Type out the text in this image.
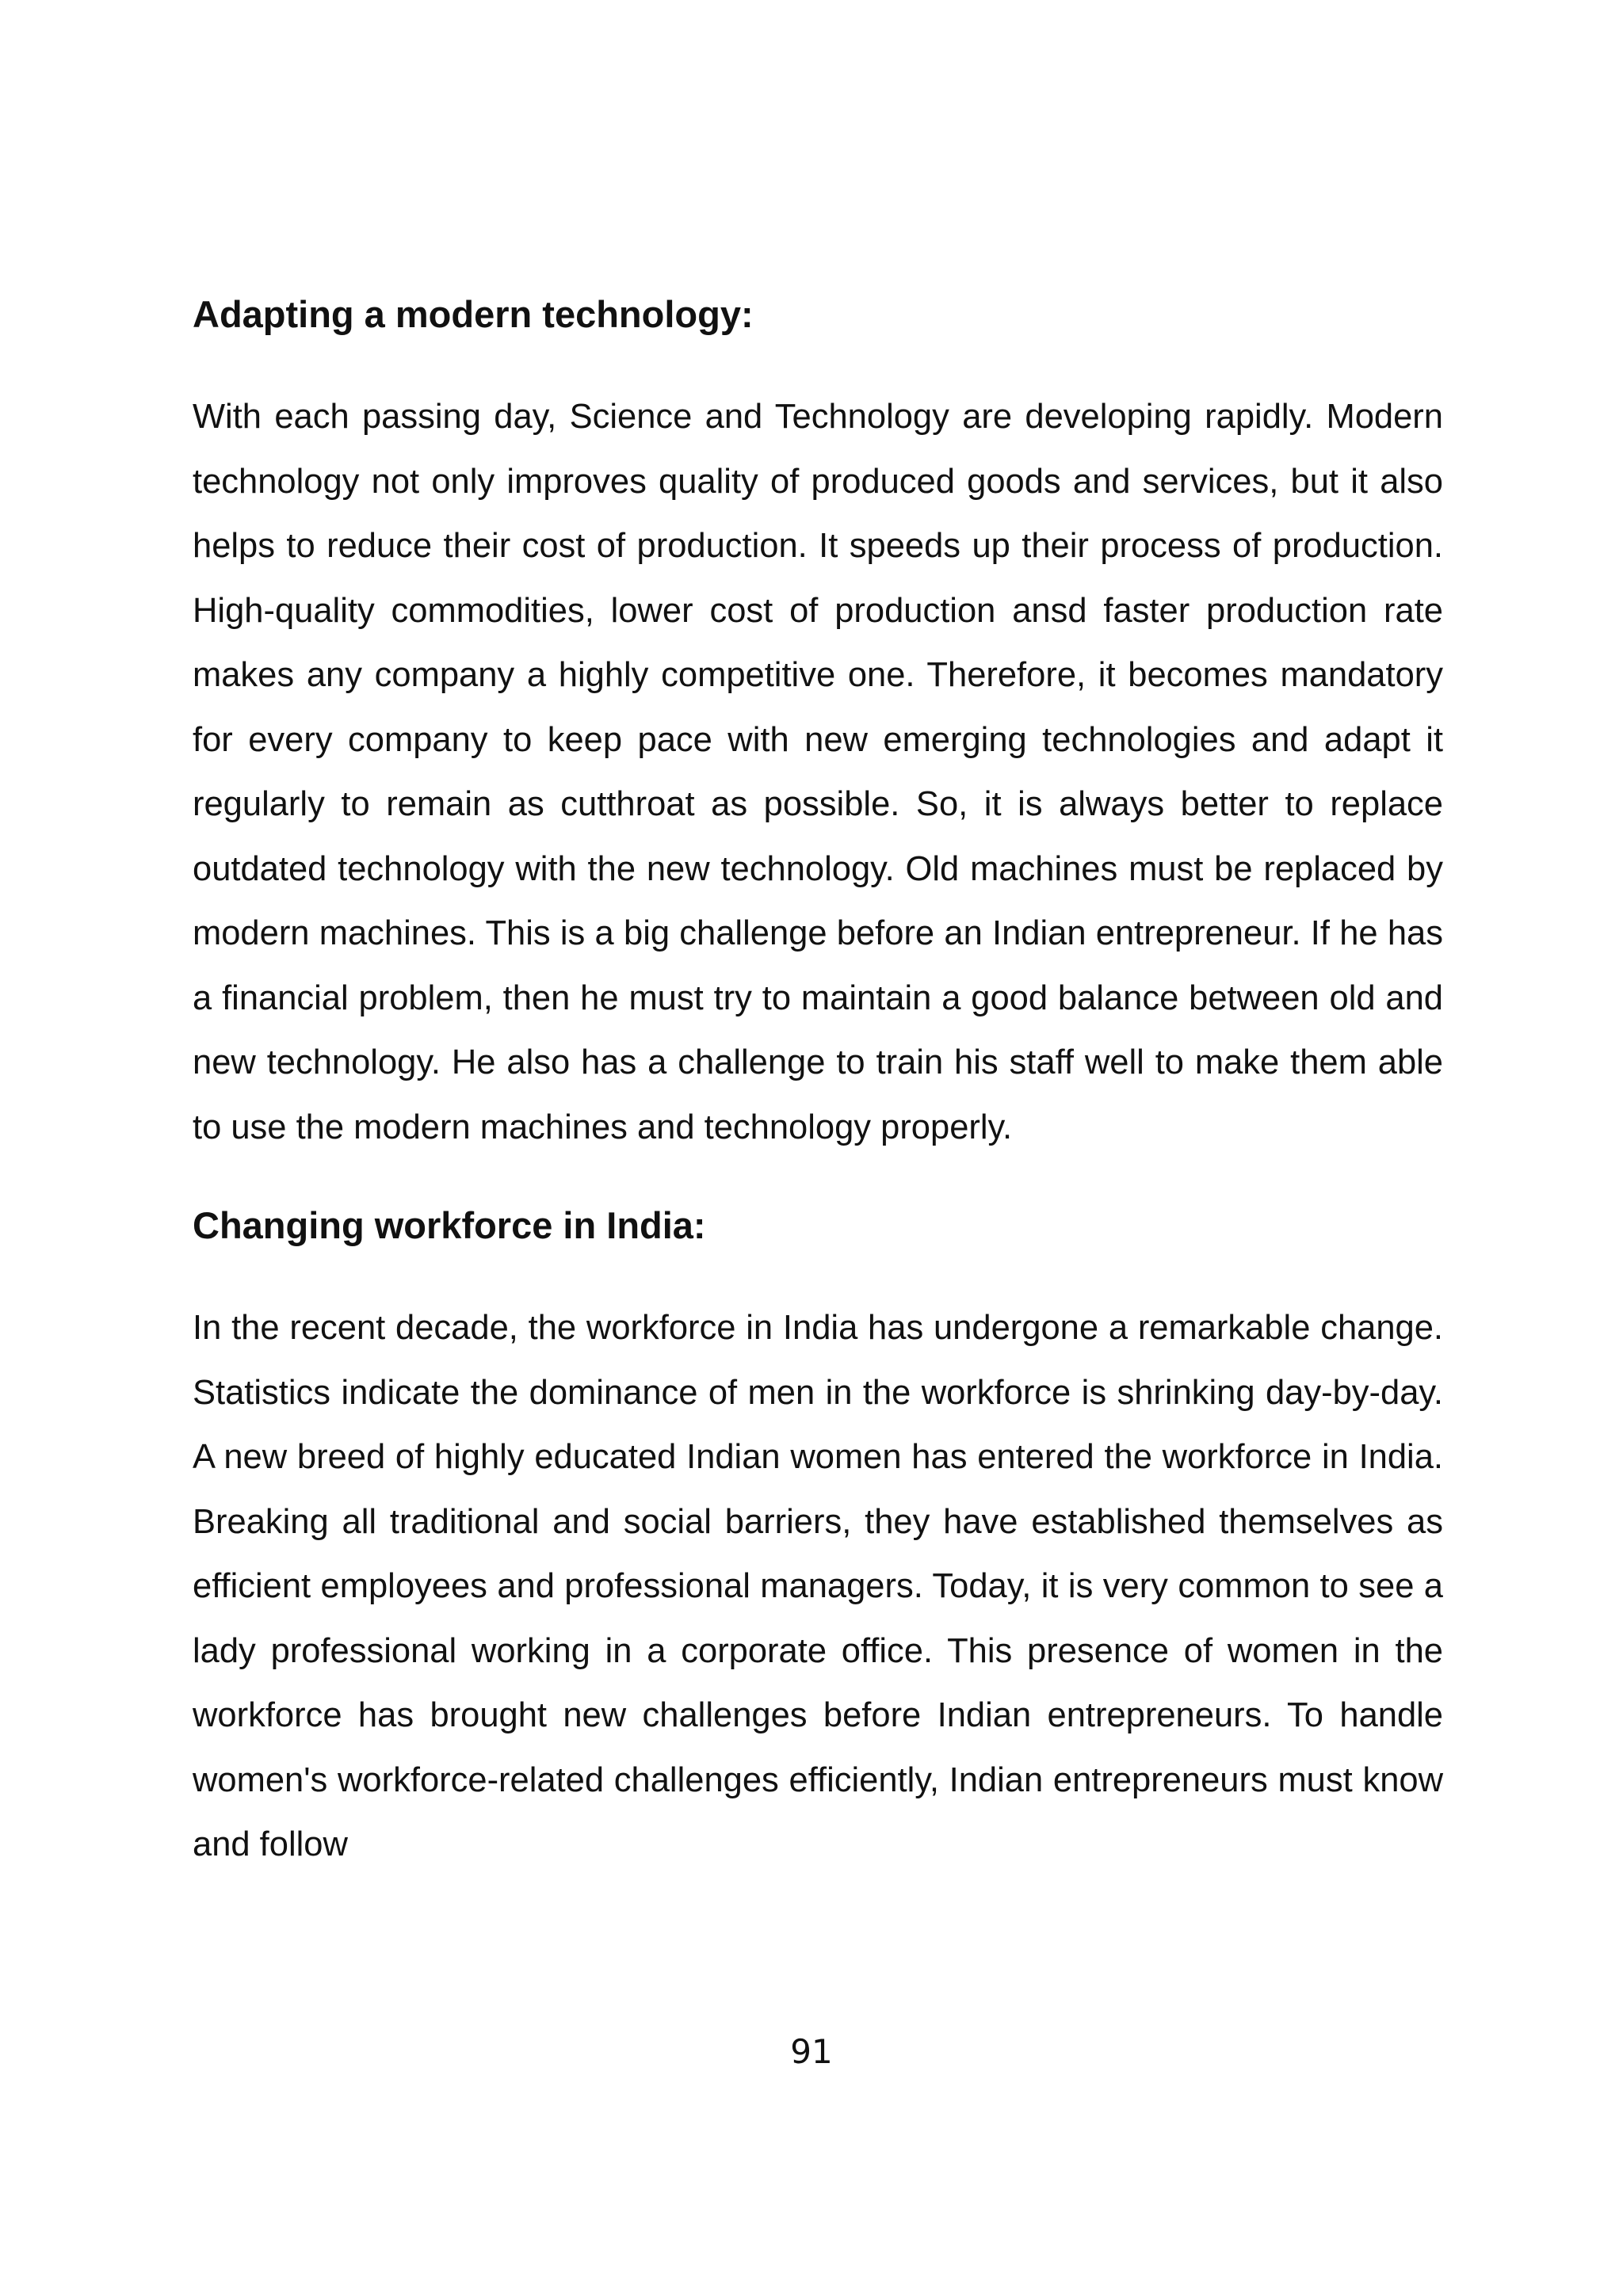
Adapting a modern technology:

With each passing day, Science and Technology are developing rapidly. Modern technology not only improves quality of produced goods and services, but it also helps to reduce their cost of production. It speeds up their process of production. High-quality commodities, lower cost of production ansd faster production rate makes any company a highly competitive one. Therefore, it becomes mandatory for every company to keep pace with new emerging technologies and adapt it regularly to remain as cutthroat as possible. So, it is always better to replace outdated technology with the new technology. Old machines must be replaced by modern machines. This is a big challenge before an Indian entrepreneur. If he has a financial problem, then he must try to maintain a good balance between old and new technology. He also has a challenge to train his staff well to make them able to use the modern machines and technology properly.

Changing workforce in India:

In the recent decade, the workforce in India has undergone a remarkable change. Statistics indicate the dominance of men in the workforce is shrinking day-by-day. A new breed of highly educated Indian women has entered the workforce in India. Breaking all traditional and social barriers, they have established themselves as efficient employees and professional managers. Today, it is very common to see a lady professional working in a corporate office. This presence of women in the workforce has brought new challenges before Indian entrepreneurs. To handle women's workforce-related challenges efficiently, Indian entrepreneurs must know and follow

91
